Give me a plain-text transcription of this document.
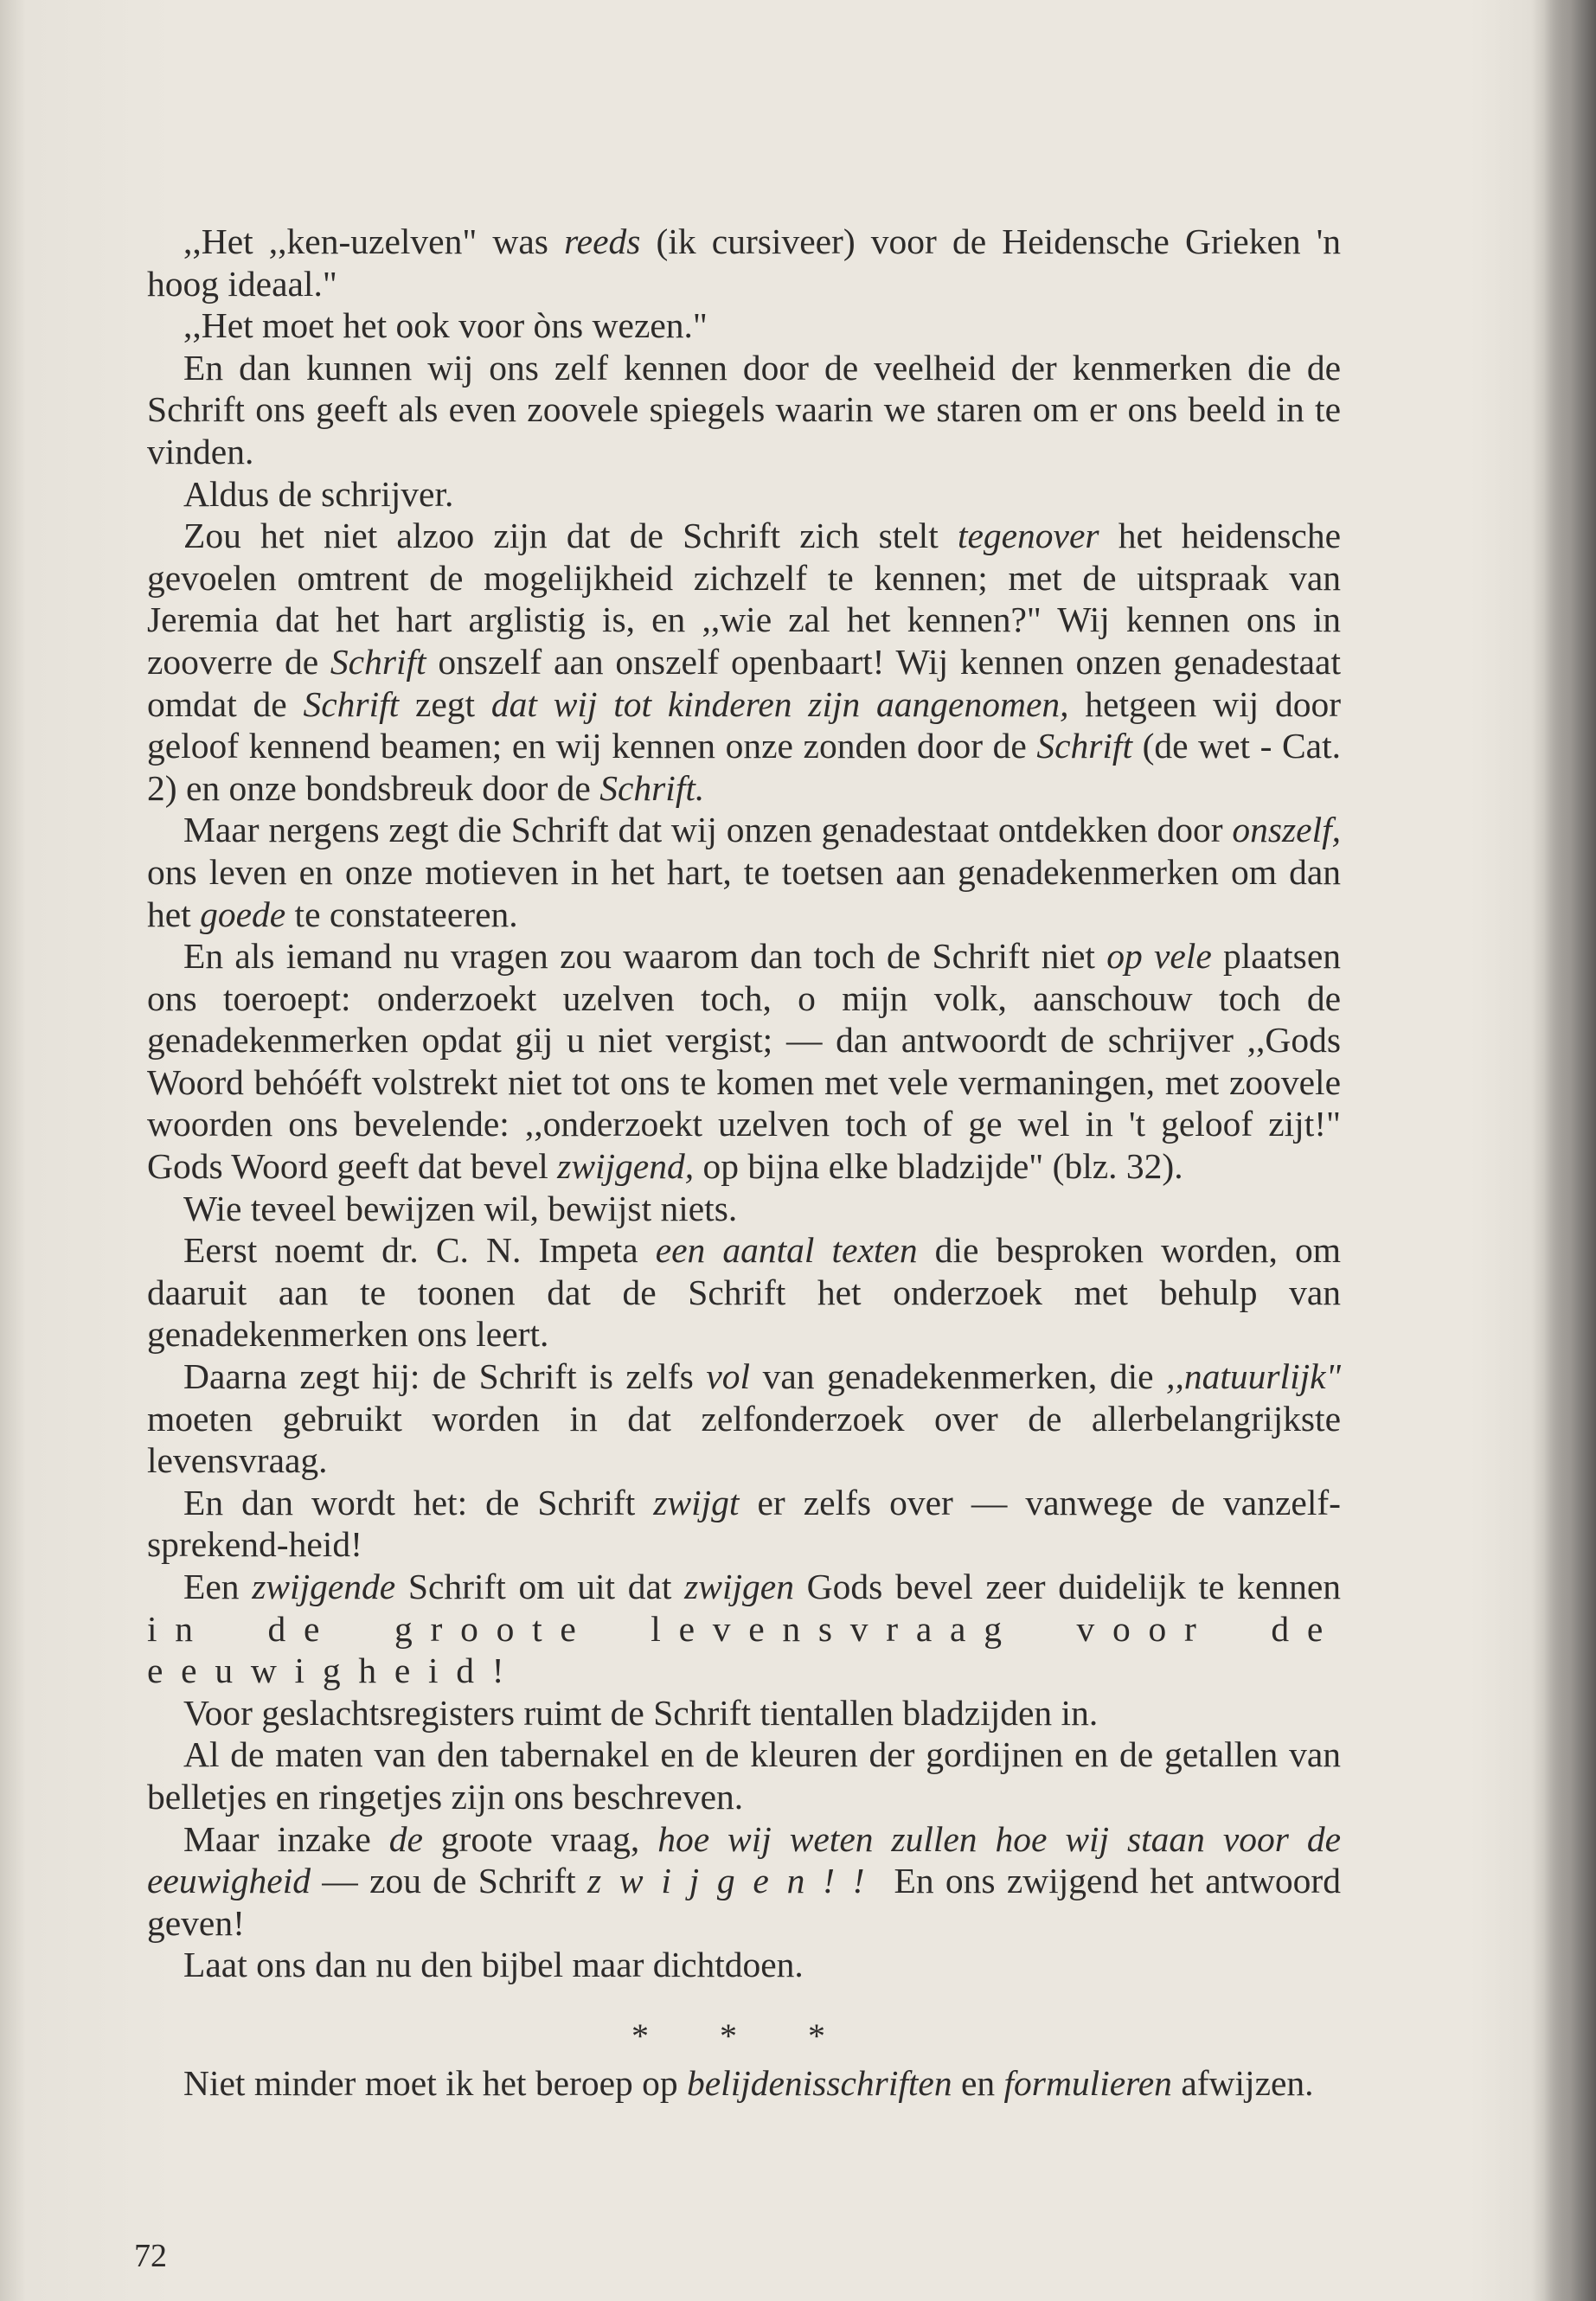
,,Het ,,ken-uzelven" was reeds (ik cursiveer) voor de Heidensche Grieken 'n hoog ideaal."

,,Het moet het ook voor òns wezen."

En dan kunnen wij ons zelf kennen door de veelheid der kenmerken die de Schrift ons geeft als even zoovele spiegels waarin we staren om er ons beeld in te vinden.

Aldus de schrijver.

Zou het niet alzoo zijn dat de Schrift zich stelt tegenover het heidensche gevoelen omtrent de mogelijkheid zichzelf te kennen; met de uitspraak van Jeremia dat het hart arglistig is, en ,,wie zal het kennen?" Wij kennen ons in zooverre de Schrift onszelf aan onszelf openbaart! Wij kennen onzen genadestaat omdat de Schrift zegt dat wij tot kinderen zijn aangenomen, hetgeen wij door geloof kennend beamen; en wij kennen onze zonden door de Schrift (de wet - Cat. 2) en onze bondsbreuk door de Schrift.

Maar nergens zegt die Schrift dat wij onzen genadestaat ontdekken door onszelf, ons leven en onze motieven in het hart, te toetsen aan genadekenmerken om dan het goede te constateeren.

En als iemand nu vragen zou waarom dan toch de Schrift niet op vele plaatsen ons toeroept: onderzoekt uzelven toch, o mijn volk, aanschouw toch de genadekenmerken opdat gij u niet vergist; — dan antwoordt de schrijver ,,Gods Woord behóéft volstrekt niet tot ons te komen met vele vermaningen, met zoovele woorden ons bevelende: ,,onderzoekt uzelven toch of ge wel in 't geloof zijt!" Gods Woord geeft dat bevel zwijgend, op bijna elke bladzijde" (blz. 32).

Wie teveel bewijzen wil, bewijst niets.

Eerst noemt dr. C. N. Impeta een aantal texten die besproken worden, om daaruit aan te toonen dat de Schrift het onderzoek met behulp van genadekenmerken ons leert.

Daarna zegt hij: de Schrift is zelfs vol van genadekenmerken, die ,,natuurlijk" moeten gebruikt worden in dat zelfonderzoek over de allerbelangrijkste levensvraag.

En dan wordt het: de Schrift zwijgt er zelfs over — vanwege de vanzelf-sprekend-heid!

Een zwijgende Schrift om uit dat zwijgen Gods bevel zeer duidelijk te kennen in de groote levensvraag voor de eeuwigheid!

Voor geslachtsregisters ruimt de Schrift tientallen bladzijden in.

Al de maten van den tabernakel en de kleuren der gordijnen en de getallen van belletjes en ringetjes zijn ons beschreven.

Maar inzake de groote vraag, hoe wij weten zullen hoe wij staan voor de eeuwigheid — zou de Schrift zwijgen!! En ons zwijgend het antwoord geven!

Laat ons dan nu den bijbel maar dichtdoen.

* * *

Niet minder moet ik het beroep op belijdenisschriften en formulieren afwijzen.

72
